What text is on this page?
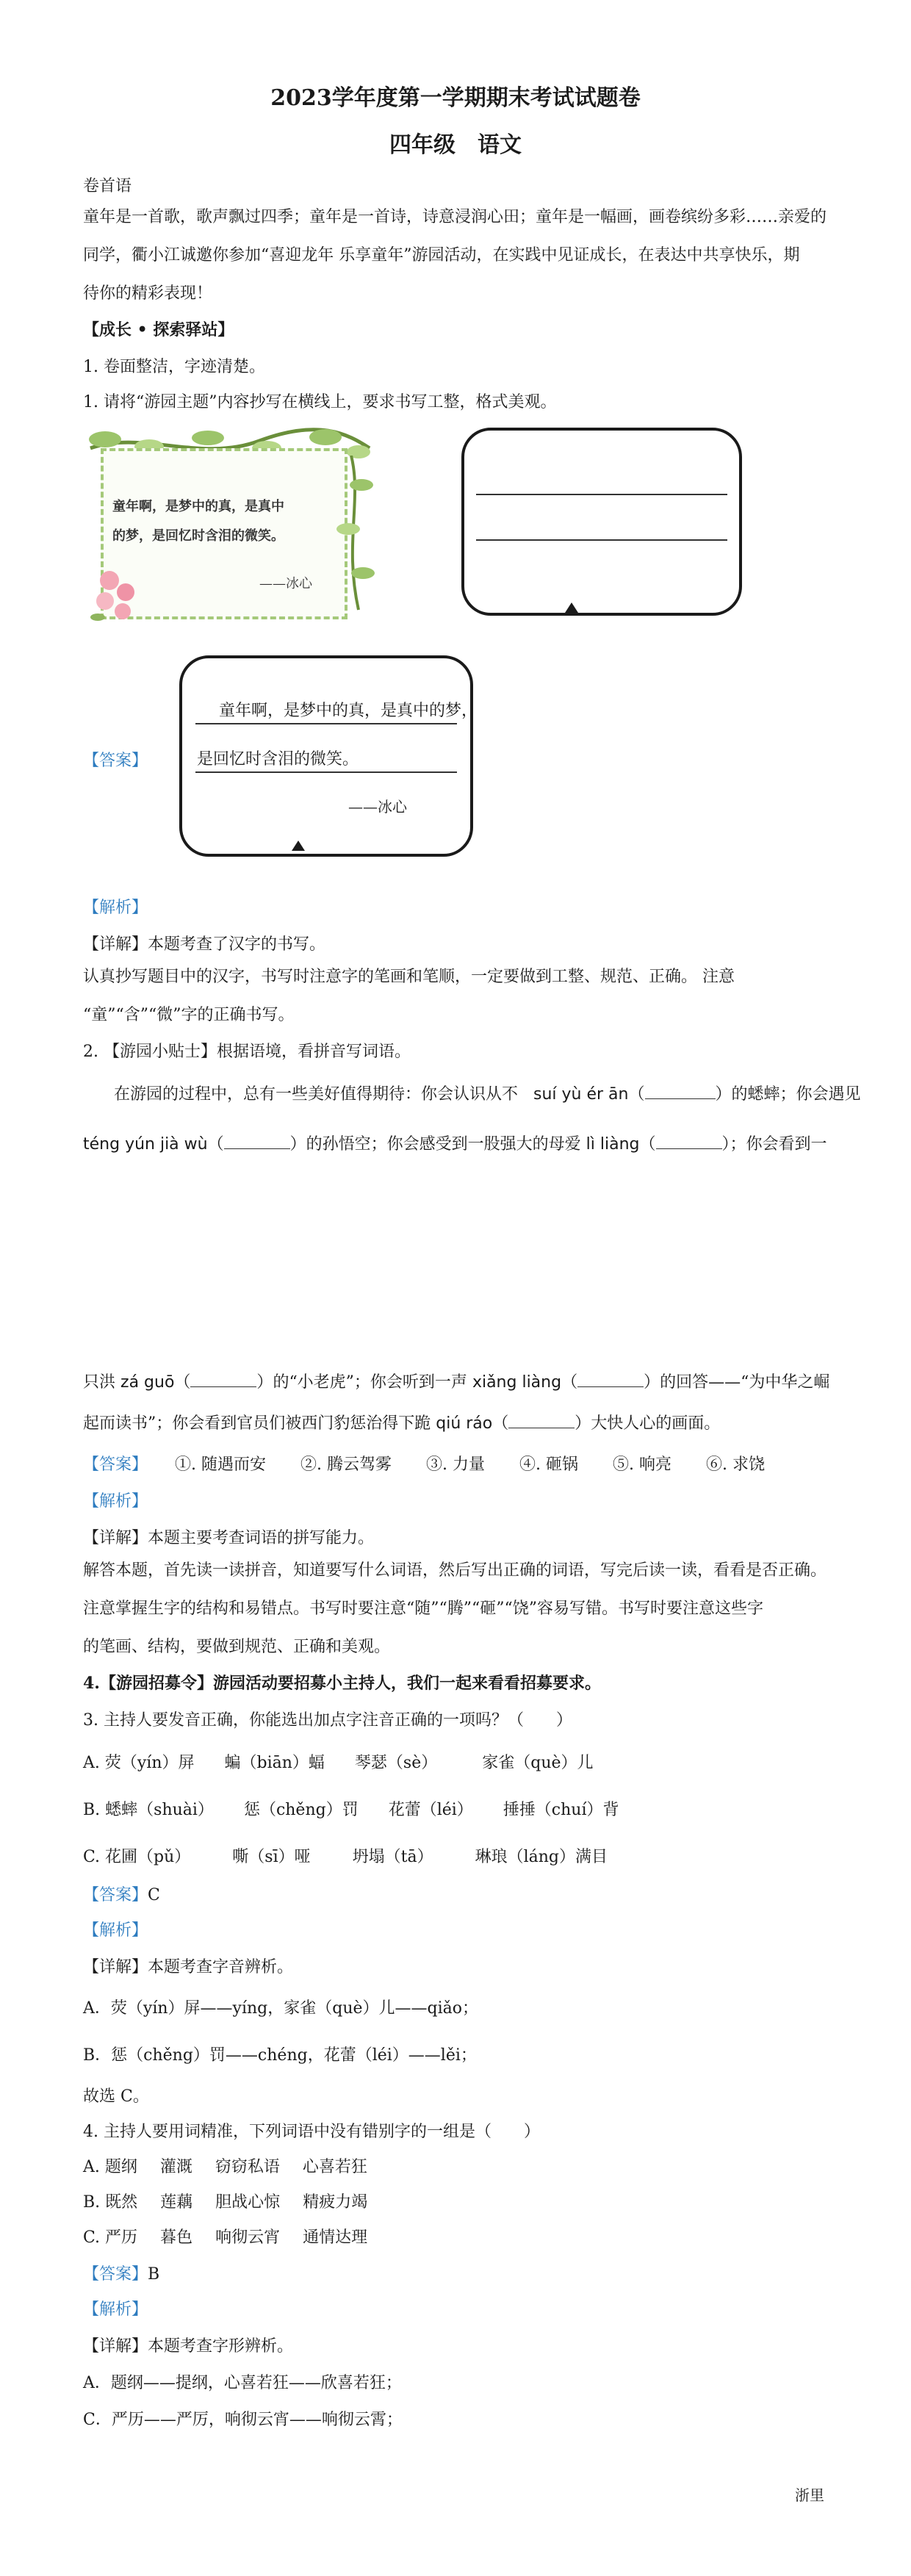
2023学年度第一学期期末考试试题卷
四年级　语文
卷首语
童年是一首歌，歌声飘过四季；童年是一首诗，诗意浸润心田；童年是一幅画，画卷缤纷多彩……亲爱的
同学，衢小江诚邀你参加“喜迎龙年 乐享童年”游园活动，在实践中见证成长，在表达中共享快乐，期
待你的精彩表现！
【成长 • 探索驿站】
1. 卷面整洁，字迹清楚。
1. 请将“游园主题”内容抄写在横线上，要求书写工整，格式美观。
童年啊，是梦中的真，是真中
的梦，是回忆时含泪的微笑。
——冰心
【答案】
童年啊，是梦中的真，是真中的梦，
是回忆时含泪的微笑。
——冰心
【解析】
【详解】本题考查了汉字的书写。
认真抄写题目中的汉字，书写时注意字的笔画和笔顺，一定要做到工整、规范、正确。 注意
“童”“含”“微”字的正确书写。
2. 【游园小贴士】根据语境，看拼音写词语。
在游园的过程中，总有一些美好值得期待：你会认识从不 suí yù ér ān（	）的蟋蟀；你会遇见
téng yún jià wù（	）的孙悟空；你会感受到一股强大的母爱 lì liàng（	）；你会看到一
只洪 zá guō（	）的“小老虎”；你会听到一声 xiǎng liàng（	）的回答——“为中华之崛
起而读书”；你会看到官员们被西门豹惩治得下跪 qiú ráo（	）大快人心的画面。
【答案】 ①. 随遇而安 ②. 腾云驾雾 ③. 力量 ④. 砸锅 ⑤. 响亮 ⑥. 求饶
【解析】
【详解】本题主要考查词语的拼写能力。
解答本题，首先读一读拼音，知道要写什么词语，然后写出正确的词语，写完后读一读，看看是否正确。
注意掌握生字的结构和易错点。书写时要注意“随”“腾”“砸”“饶”容易写错。书写时要注意这些字
的笔画、结构，要做到规范、正确和美观。
4.【游园招募令】游园活动要招募小主持人，我们一起来看看招募要求。
3. 主持人要发音正确，你能选出加点字注音正确的一项吗？（　　）
A. 荧（yín）屏 蝙（biān）蝠 琴瑟（sè）	家雀（què）儿
B. 蟋蟀（shuài） 惩（chěng）罚 花蕾（léi） 捶捶（chuí）背
C. 花圃（pǔ）	嘶（sī）哑	坍塌（tā）	琳琅（láng）满目
【答案】C
【解析】
【详解】本题考查字音辨析。
A．荧（yín）屏——yíng，家雀（què）儿——qiǎo；
B．惩（chěng）罚——chéng，花蕾（léi）——lěi；
故选 C。
4. 主持人要用词精准，下列词语中没有错别字的一组是（　　）
A. 题纲 灌溉 窃窃私语 心喜若狂
B. 既然 莲藕 胆战心惊 精疲力竭
C. 严历 暮色 响彻云宵 通情达理
【答案】B
【解析】
【详解】本题考查字形辨析。
A．题纲——提纲，心喜若狂——欣喜若狂；
C．严历——严厉，响彻云宵——响彻云霄；
浙里
